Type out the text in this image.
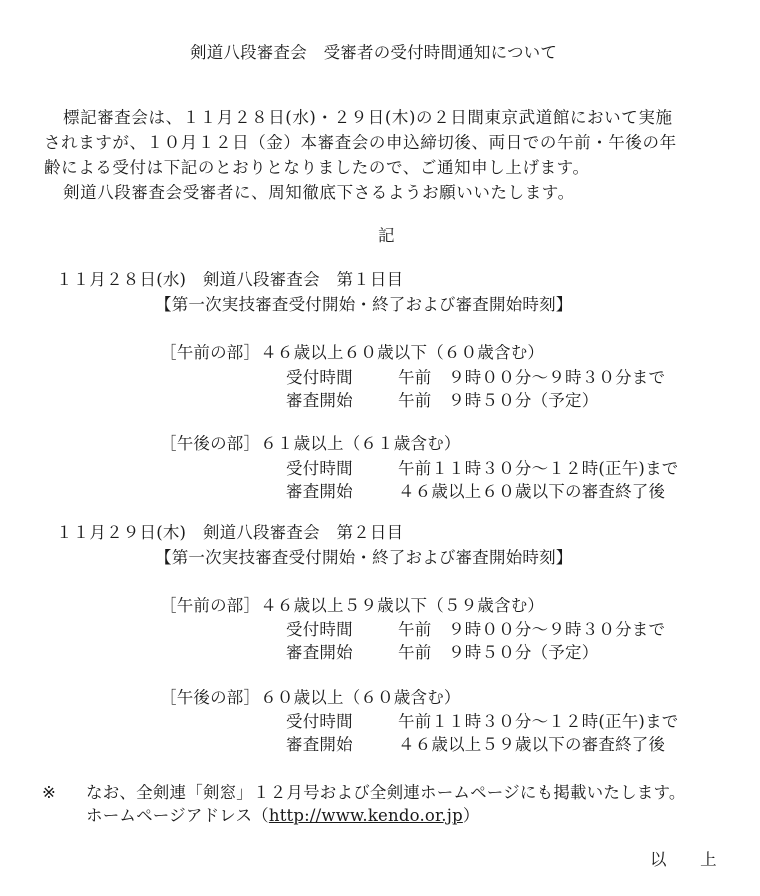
剣道八段審査会　受審者の受付時間通知について
標記審査会は、１１月２８日(水)・２９日(木)の２日間東京武道館において実施
されますが、１０月１２日（金）本審査会の申込締切後、両日での午前・午後の年
齢による受付は下記のとおりとなりましたので、ご通知申し上げます。
剣道八段審査会受審者に、周知徹底下さるようお願いいたします。
記
１１月２８日(水)　剣道八段審査会　第１日目
【第一次実技審査受付開始・終了および審査開始時刻】
［午前の部］４６歳以上６０歳以下（６０歳含む）
受付時間	午前　９時００分～９時３０分まで
審査開始	午前　９時５０分（予定）
［午後の部］６１歳以上（６１歳含む）
受付時間	午前１１時３０分～１２時(正午)まで
審査開始	４６歳以上６０歳以下の審査終了後
１１月２９日(木)　剣道八段審査会　第２日目
【第一次実技審査受付開始・終了および審査開始時刻】
［午前の部］４６歳以上５９歳以下（５９歳含む）
受付時間	午前　９時００分～９時３０分まで
審査開始	午前　９時５０分（予定）
［午後の部］６０歳以上（６０歳含む）
受付時間	午前１１時３０分～１２時(正午)まで
審査開始	４６歳以上５９歳以下の審査終了後
※ なお、全剣連「剣窓」１２月号および全剣連ホームページにも掲載いたします。
ホームページアドレス（http://www.kendo.or.jp）
以　　上
